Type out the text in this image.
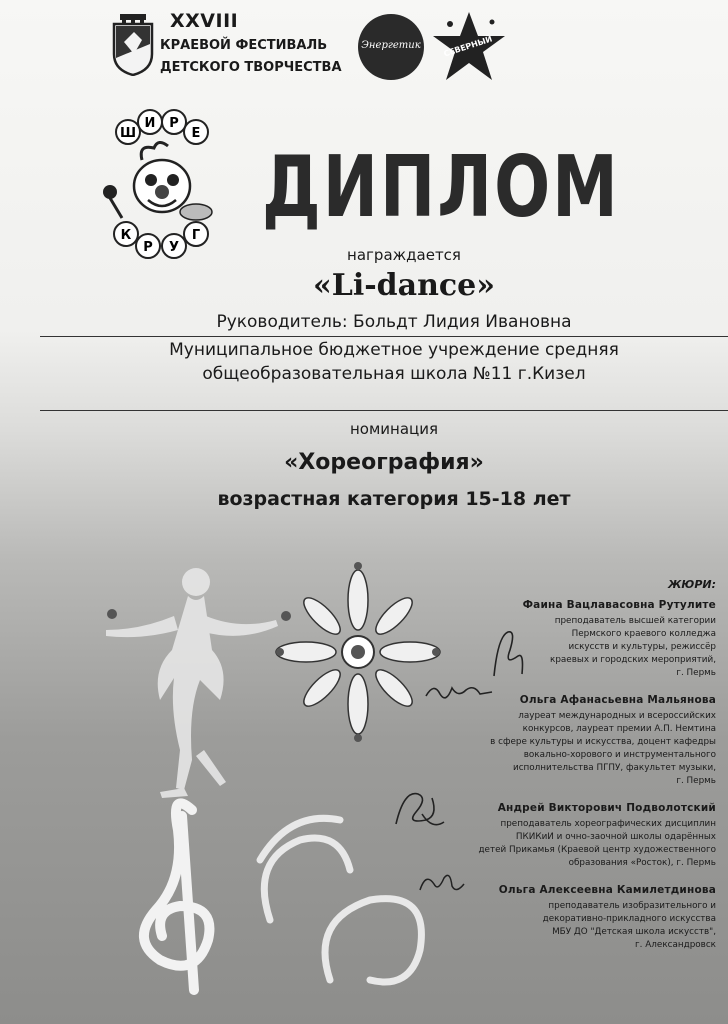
XXVIII
КРАЕВОЙ ФЕСТИВАЛЬ
ДЕТСКОГО ТВОРЧЕСТВА
Энергетик	СЕВЕРНЫЙ
Ш
И Р
Е
К
Р У
Г ДИПЛОМ
награждается
«Li-dance»
Руководитель: Больдт Лидия Ивановна
Муниципальное бюджетное учреждение средняя
общеобразовательная школа №11 г.Кизел
номинация
«Хореография»
возрастная категория 15-18 лет
ЖЮРИ:
Фаина Вацлавасовна Рутулите
преподаватель высшей категории
Пермского краевого колледжа
искусств и культуры, режиссёр
краевых и городских мероприятий,
г. Пермь
Ольга Афанасьевна Мальянова
лауреат международных и всероссийских
конкурсов, лауреат премии А.П. Немтина
в сфере культуры и искусства, доцент кафедры
вокально-хорового и инструментального
исполнительства ПГПУ, факультет музыки,
г. Пермь
Андрей Викторович Подволотский
преподаватель хореографических дисциплин
ПКИКиИ и очно-заочной школы одарённых
детей Прикамья (Краевой центр художественного
образования «Росток), г. Пермь
Ольга Алексеевна Камилетдинова
преподаватель изобразительного и
декоративно-прикладного искусства
МБУ ДО "Детская школа искусств",
г. Александровск
